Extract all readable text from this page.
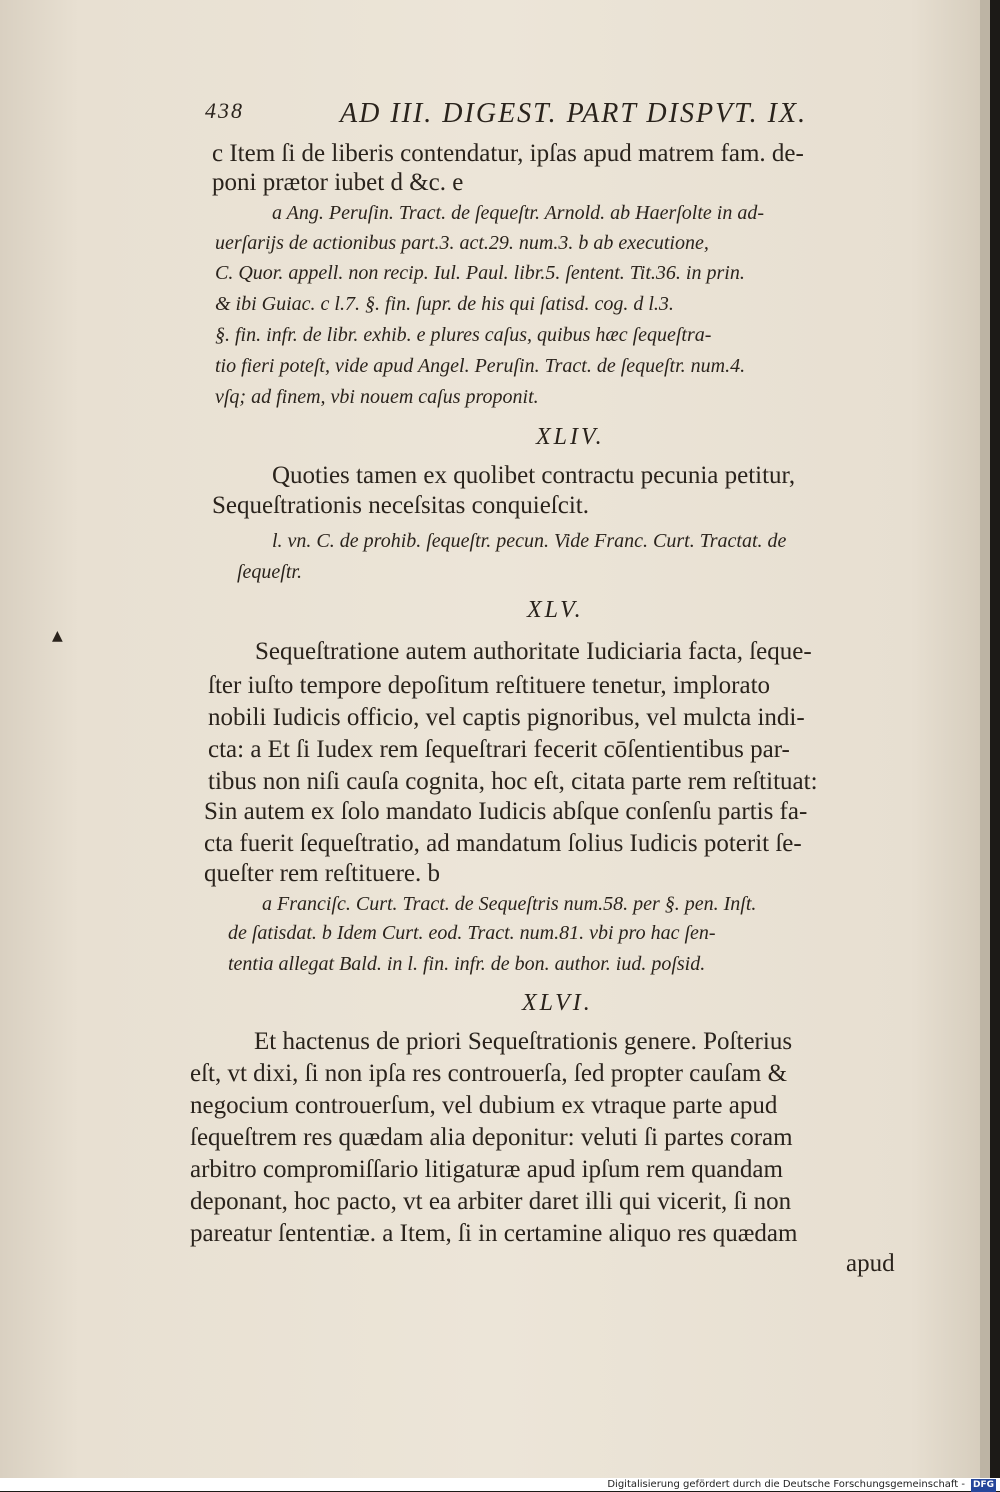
438	AD III. DIGEST. PART DISPVT. IX.
c Item ſi de liberis contendatur, ipſas apud matrem fam. de-
poni prætor iubet d &c. e
a Ang. Peruſin. Tract. de ſequeſtr. Arnold. ab Haerſolte in ad-
uerſarijs de actionibus part.3. act.29. num.3. b ab executione,
C. Quor. appell. non recip. Iul. Paul. libr.5. ſentent. Tit.36. in prin.
& ibi Guiac. c l.7. §. fin. ſupr. de his qui ſatisd. cog. d l.3.
§. fin. infr. de libr. exhib. e plures caſus, quibus hæc ſequeſtra-
tio fieri poteſt, vide apud Angel. Peruſin. Tract. de ſequeſtr. num.4.
vſq; ad finem, vbi nouem caſus proponit.
XLIV.
Quoties tamen ex quolibet contractu pecunia petitur,
Sequeſtrationis neceſsitas conquieſcit.
l. vn. C. de prohib. ſequeſtr. pecun. Vide Franc. Curt. Tractat. de
ſequeſtr.
XLV.
Sequeſtratione autem authoritate Iudiciaria facta, ſeque-
ſter iuſto tempore depoſitum reſtituere tenetur, implorato
nobili Iudicis officio, vel captis pignoribus, vel mulcta indi-
cta: a Et ſi Iudex rem ſequeſtrari fecerit cōſentientibus par-
tibus non niſi cauſa cognita, hoc eſt, citata parte rem reſtituat:
Sin autem ex ſolo mandato Iudicis abſque conſenſu partis fa-
cta fuerit ſequeſtratio, ad mandatum ſolius Iudicis poterit ſe-
queſter rem reſtituere. b
a Franciſc. Curt. Tract. de Sequeſtris num.58. per §. pen. Inſt.
de ſatisdat. b Idem Curt. eod. Tract. num.81. vbi pro hac ſen-
tentia allegat Bald. in l. fin. infr. de bon. author. iud. poſsid.
XLVI.
Et hactenus de priori Sequeſtrationis genere. Poſterius
eſt, vt dixi, ſi non ipſa res controuerſa, ſed propter cauſam &
negocium controuerſum, vel dubium ex vtraque parte apud
ſequeſtrem res quædam alia deponitur: veluti ſi partes coram
arbitro compromiſſario litigaturæ apud ipſum rem quandam
deponant, hoc pacto, vt ea arbiter daret illi qui vicerit, ſi non
pareatur ſententiæ. a Item, ſi in certamine aliquo res quædam
apud
▲
Digitalisierung gefördert durch die Deutsche Forschungsgemeinschaft - DFG
